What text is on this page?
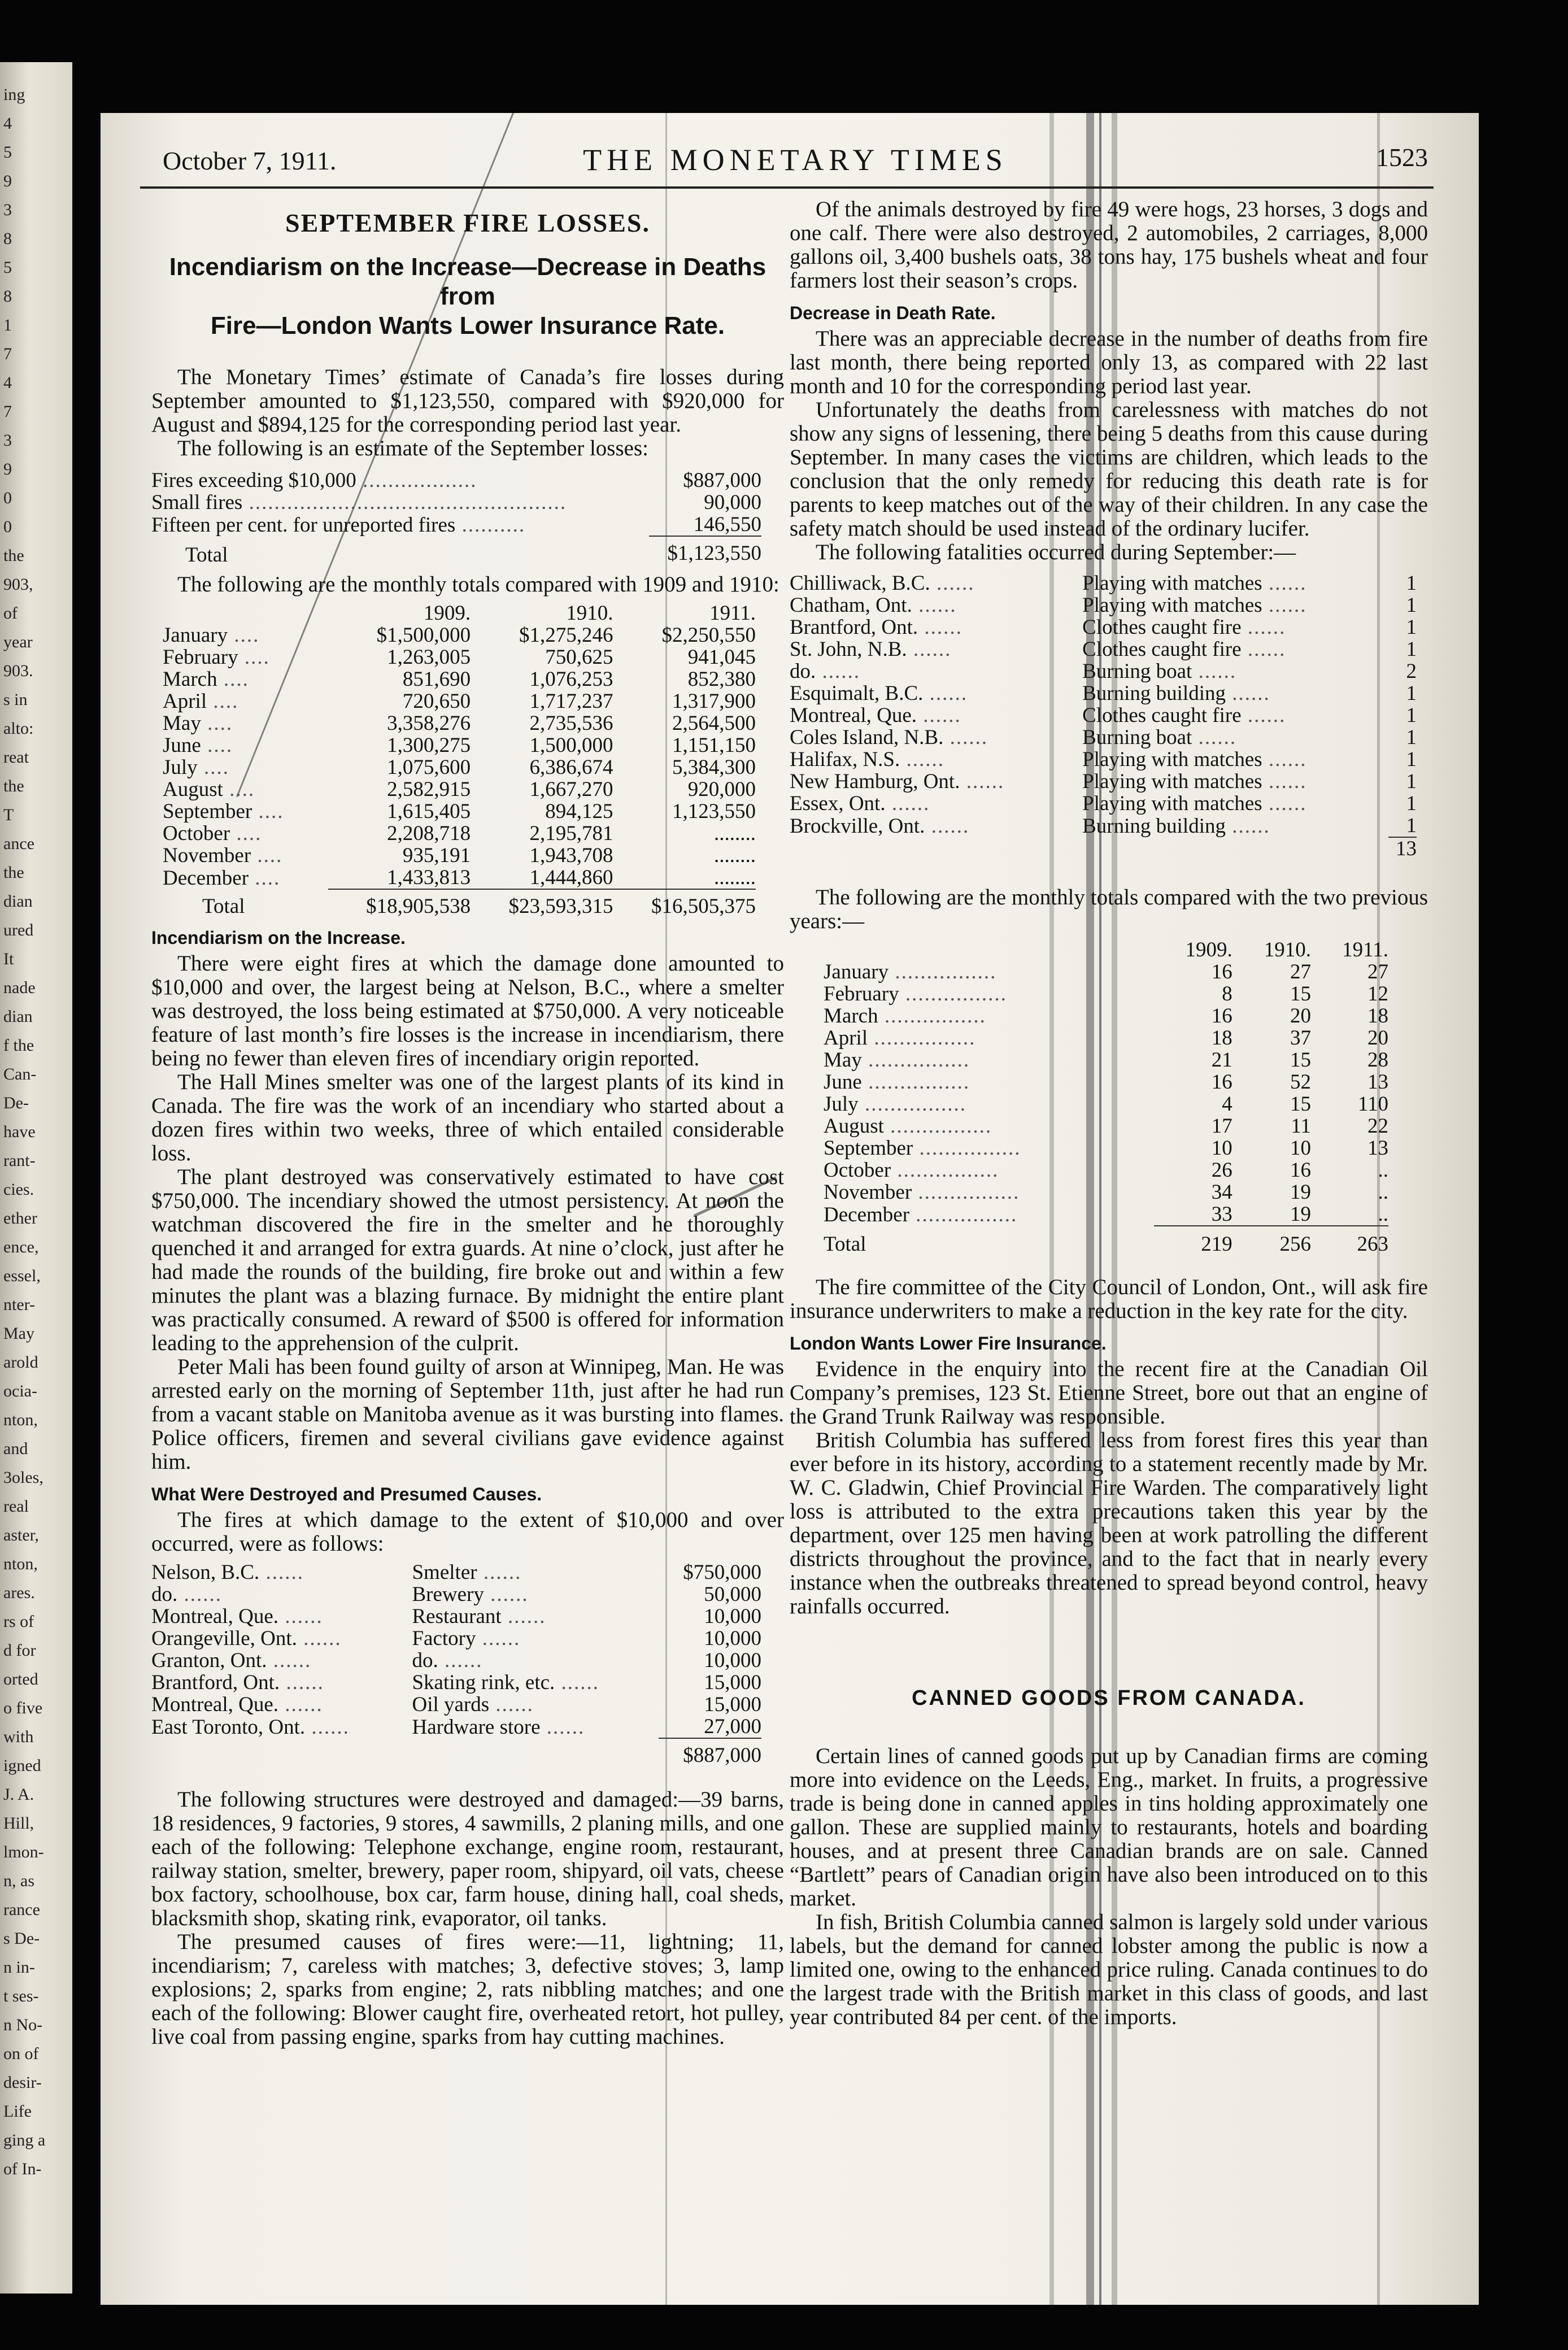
ing
4
5
9
3
8
5
8
1
7
4
7
3
9
0
0
the
903,
of
year
903.
s in
alto:
reat
the
T
ance
the
dian
ured
It
nade
dian
f the
Can-
De-
have
rant-
cies.
ether
ence,
essel,
nter-
May
arold
ocia-
nton,
and
3oles,
real
aster,
nton,
ares.
rs of
d for
orted
o five
with
igned
J. A.
Hill,
lmon-
n, as
rance
s De-
n in-
t ses-
n No-
on of
desir-
Life
ging a
of In-
October 7, 1911.	THE MONETARY TIMES	1523
SEPTEMBER FIRE LOSSES.
Incendiarism on the Increase—Decrease in Deaths from
Fire—London Wants Lower Insurance Rate.

The Monetary Times’ estimate of Canada’s fire losses during September amounted to $1,123,550, compared with $920,000 for August and $894,125 for the corresponding period last year.

The following is an estimate of the September losses:

Fires exceeding $10,000 ..................	$887,000
Small fires ..................................................	90,000
Fifteen per cent. for unreported fires ..........	146,550
Total	$1,123,550

The following are the monthly totals compared with 1909 and 1910:

	1909.	1910.	1911.
January ....	$1,500,000	$1,275,246	$2,250,550
February ....	1,263,005	750,625	941,045
March ....	851,690	1,076,253	852,380
April ....	720,650	1,717,237	1,317,900
May ....	3,358,276	2,735,536	2,564,500
June ....	1,300,275	1,500,000	1,151,150
July ....	1,075,600	6,386,674	5,384,300
August ....	2,582,915	1,667,270	920,000
September ....	1,615,405	894,125	1,123,550
October ....	2,208,718	2,195,781	........
November ....	935,191	1,943,708	........
December ....	1,433,813	1,444,860	........
Total	$18,905,538	$23,593,315	$16,505,375
Incendiarism on the Increase.

There were eight fires at which the damage done amounted to $10,000 and over, the largest being at Nelson, B.C., where a smelter was destroyed, the loss being estimated at $750,000. A very noticeable feature of last month’s fire losses is the increase in incendiarism, there being no fewer than eleven fires of incendiary origin reported.

The Hall Mines smelter was one of the largest plants of its kind in Canada. The fire was the work of an incendiary who started about a dozen fires within two weeks, three of which entailed considerable loss.

The plant destroyed was conservatively estimated to have cost $750,000. The incendiary showed the utmost persistency. At noon the watchman discovered the fire in the smelter and he thoroughly quenched it and arranged for extra guards. At nine o’clock, just after he had made the rounds of the building, fire broke out and within a few minutes the plant was a blazing furnace. By midnight the entire plant was practically consumed. A reward of $500 is offered for information leading to the apprehension of the culprit.

Peter Mali has been found guilty of arson at Winnipeg, Man. He was arrested early on the morning of September 11th, just after he had run from a vacant stable on Manitoba avenue as it was bursting into flames. Police officers, firemen and several civilians gave evidence against him.

What Were Destroyed and Presumed Causes.

The fires at which damage to the extent of $10,000 and over occurred, were as follows:

Nelson, B.C. ......	Smelter ......	$750,000
do. ......	Brewery ......	50,000
Montreal, Que. ......	Restaurant ......	10,000
Orangeville, Ont. ......	Factory ......	10,000
Granton, Ont. ......	do. ......	10,000
Brantford, Ont. ......	Skating rink, etc. ......	15,000
Montreal, Que. ......	Oil yards ......	15,000
East Toronto, Ont. ......	Hardware store ......	27,000
		$887,000

The following structures were destroyed and damaged:—39 barns, 18 residences, 9 factories, 9 stores, 4 sawmills, 2 planing mills, and one each of the following: Telephone exchange, engine room, restaurant, railway station, smelter, brewery, paper room, shipyard, oil vats, cheese box factory, schoolhouse, box car, farm house, dining hall, coal sheds, blacksmith shop, skating rink, evaporator, oil tanks.

The presumed causes of fires were:—11, lightning; 11, incendiarism; 7, careless with matches; 3, defective stoves; 3, lamp explosions; 2, sparks from engine; 2, rats nibbling matches; and one each of the following: Blower caught fire, overheated retort, hot pulley, live coal from passing engine, sparks from hay cutting machines.

Of the animals destroyed by fire 49 were hogs, 23 horses, 3 dogs and one calf. There were also destroyed, 2 automobiles, 2 carriages, 8,000 gallons oil, 3,400 bushels oats, 38 tons hay, 175 bushels wheat and four farmers lost their season’s crops.

Decrease in Death Rate.

There was an appreciable decrease in the number of deaths from fire last month, there being reported only 13, as compared with 22 last month and 10 for the corresponding period last year.

Unfortunately the deaths from carelessness with matches do not show any signs of lessening, there being 5 deaths from this cause during September. In many cases the victims are children, which leads to the conclusion that the only remedy for reducing this death rate is for parents to keep matches out of the way of their children. In any case the safety match should be used instead of the ordinary lucifer.

The following fatalities occurred during September:—

Chilliwack, B.C. ......	Playing with matches ......	1
Chatham, Ont. ......	Playing with matches ......	1
Brantford, Ont. ......	Clothes caught fire ......	1
St. John, N.B. ......	Clothes caught fire ......	1
do. ......	Burning boat ......	2
Esquimalt, B.C. ......	Burning building ......	1
Montreal, Que. ......	Clothes caught fire ......	1
Coles Island, N.B. ......	Burning boat ......	1
Halifax, N.S. ......	Playing with matches ......	1
New Hamburg, Ont. ......	Playing with matches ......	1
Essex, Ont. ......	Playing with matches ......	1
Brockville, Ont. ......	Burning building ......	1
		13

The following are the monthly totals compared with the two previous years:—

	1909.	1910.	1911.
January ................	16	27	27
February ................	8	15	12
March ................	16	20	18
April ................	18	37	20
May ................	21	15	28
June ................	16	52	13
July ................	4	15	110
August ................	17	11	22
September ................	10	10	13
October ................	26	16	..
November ................	34	19	..
December ................	33	19	..
Total	219	256	263

The fire committee of the City Council of London, Ont., will ask fire insurance underwriters to make a reduction in the key rate for the city.

London Wants Lower Fire Insurance.

Evidence in the enquiry into the recent fire at the Canadian Oil Company’s premises, 123 St. Etienne Street, bore out that an engine of the Grand Trunk Railway was responsible.

British Columbia has suffered less from forest fires this year than ever before in its history, according to a statement recently made by Mr. W. C. Gladwin, Chief Provincial Fire Warden. The comparatively light loss is attributed to the extra precautions taken this year by the department, over 125 men having been at work patrolling the different districts throughout the province, and to the fact that in nearly every instance when the outbreaks threatened to spread beyond control, heavy rainfalls occurred.

CANNED GOODS FROM CANADA.

Certain lines of canned goods put up by Canadian firms are coming more into evidence on the Leeds, Eng., market. In fruits, a progressive trade is being done in canned apples in tins holding approximately one gallon. These are supplied mainly to restaurants, hotels and boarding houses, and at present three Canadian brands are on sale. Canned “Bartlett” pears of Canadian origin have also been introduced on to this market.

In fish, British Columbia canned salmon is largely sold under various labels, but the demand for canned lobster among the public is now a limited one, owing to the enhanced price ruling. Canada continues to do the largest trade with the British market in this class of goods, and last year contributed 84 per cent. of the imports.
